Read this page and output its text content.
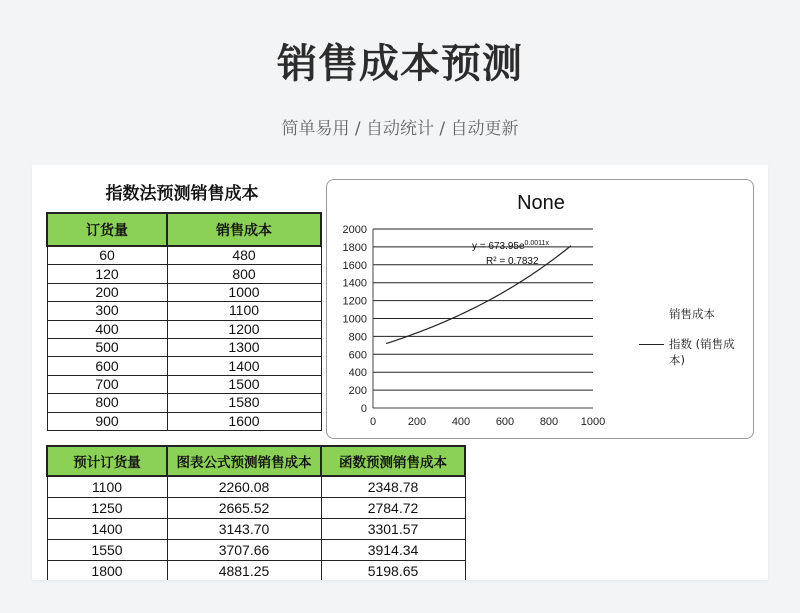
销售成本预测
简单易用 / 自动统计 / 自动更新
指数法预测销售成本
订货量	销售成本
60	480
120	800
200	1000
300	1100
400	1200
500	1300
600	1400
700	1500
800	1580
900	1600
预计订货量	图表公式预测销售成本	函数预测销售成本
1100	2260.08	2348.78
1250	2665.52	2784.72
1400	3143.70	3301.57
1550	3707.66	3914.34
1800	4881.25	5198.65
None
0
200
400
600
800
1000
1200
1400
1600
1800
2000
0	200 400 600 800 1000
$y = 673.95e^{0.0011x}$
R² = 0.7832
销售成本
指数 (销售成本)
